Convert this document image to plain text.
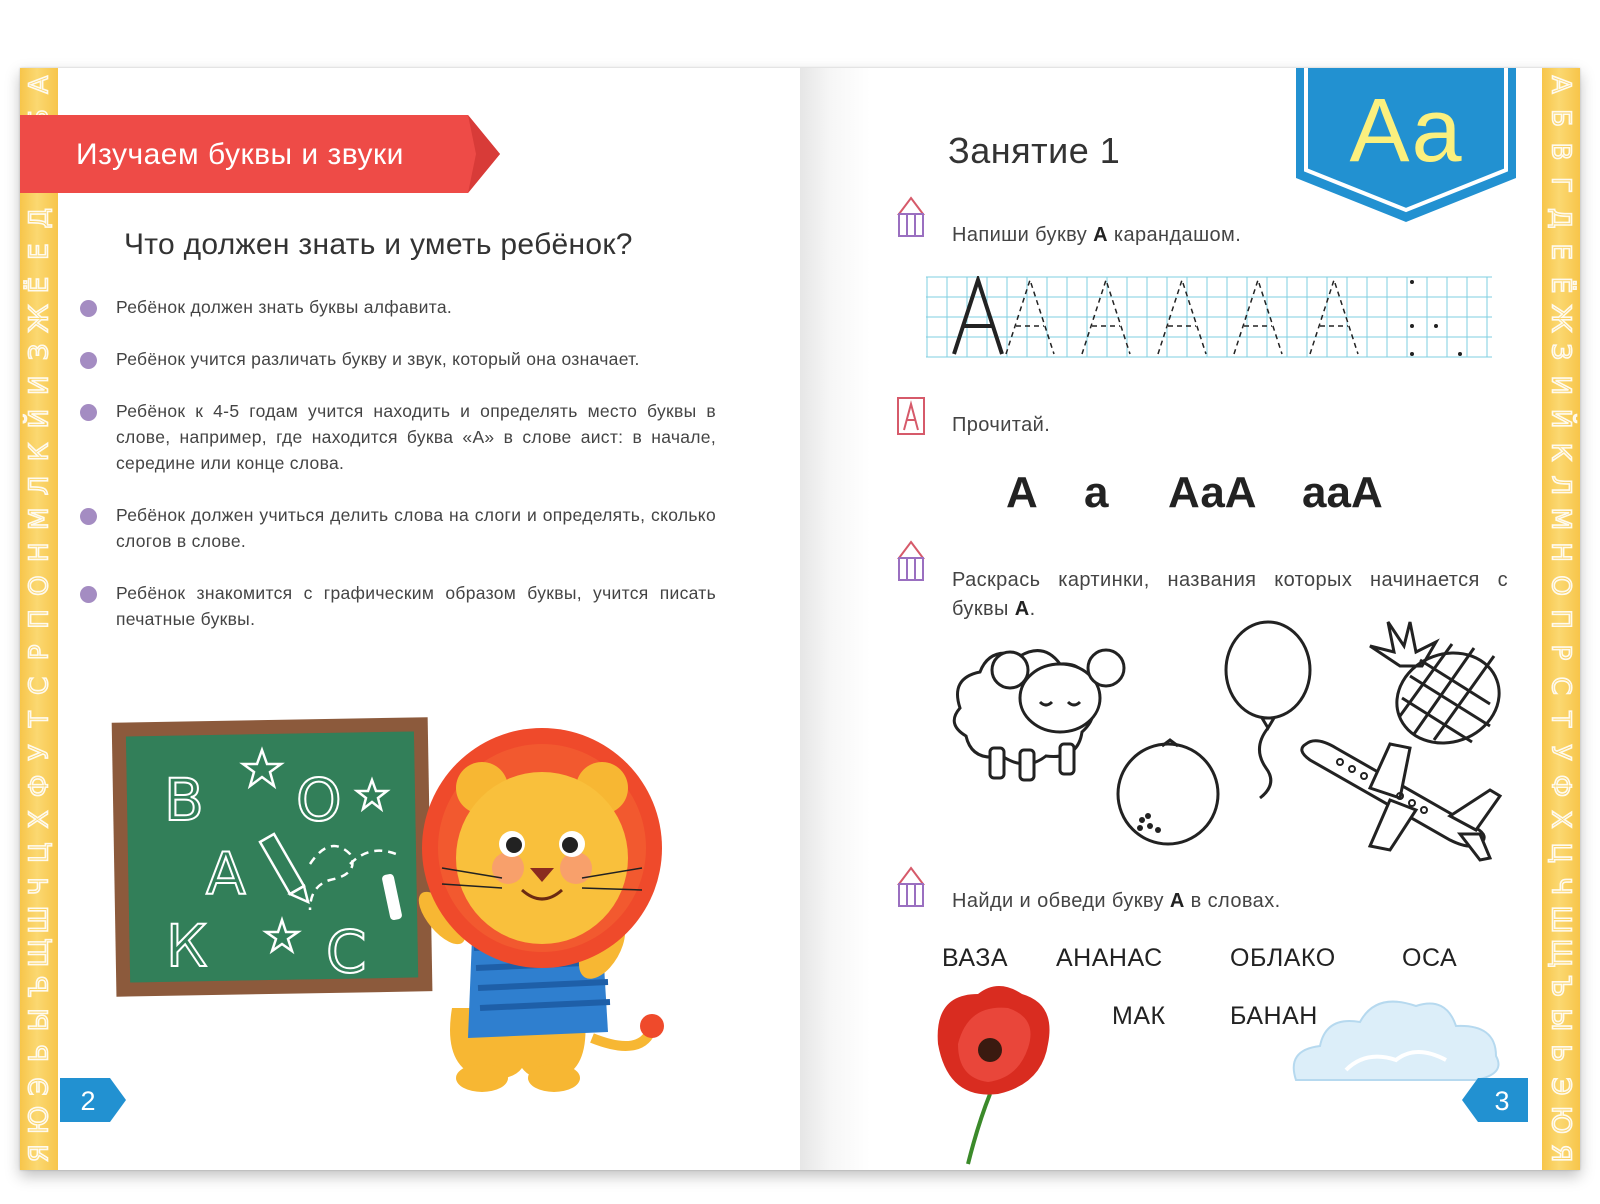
А
Д
Е
Ё
Ж
З
И
Й
К
Л
М
Н
О
П
Р
С
Т
У
Ф
Х
Ц
Ч
Ш
Щ
Ъ
Ы
Ь
Э
Ю
Я
Изучаем буквы и звуки
Что должен знать и уметь ребёнок?
Ребёнок должен знать буквы алфавита.
Ребёнок учится различать букву и звук, который она означает.
Ребёнок к 4-5 годам учится находить и определять место буквы в слове, например, где находится буква «А» в слове аист: в начале, середине или конце слова.
Ребёнок должен учиться делить слова на слоги и определять, сколько слогов в слове.
Ребёнок знакомится с графическим образом буквы, учится писать печатные буквы.
В О
А
К С
2
А
Б
В
Г
Д
Е
Ё
Ж
З
И
Й
К
Л
М
Н
О
П
Р
С
Т
У
Ф
Х
Ц
Ч
Ш
Щ
Ъ
Ы
Ь
Э
Ю
Я
Занятие 1	Аа
Напиши букву А карандашом.
Прочитай.
А а АаА ааА
Раскрась картинки, названия которых начинается с буквы А.
Найди и обведи букву А в словах.
ВАЗА АНАНАС	ОБЛАКО	ОСА
МАК	БАНАН
3
